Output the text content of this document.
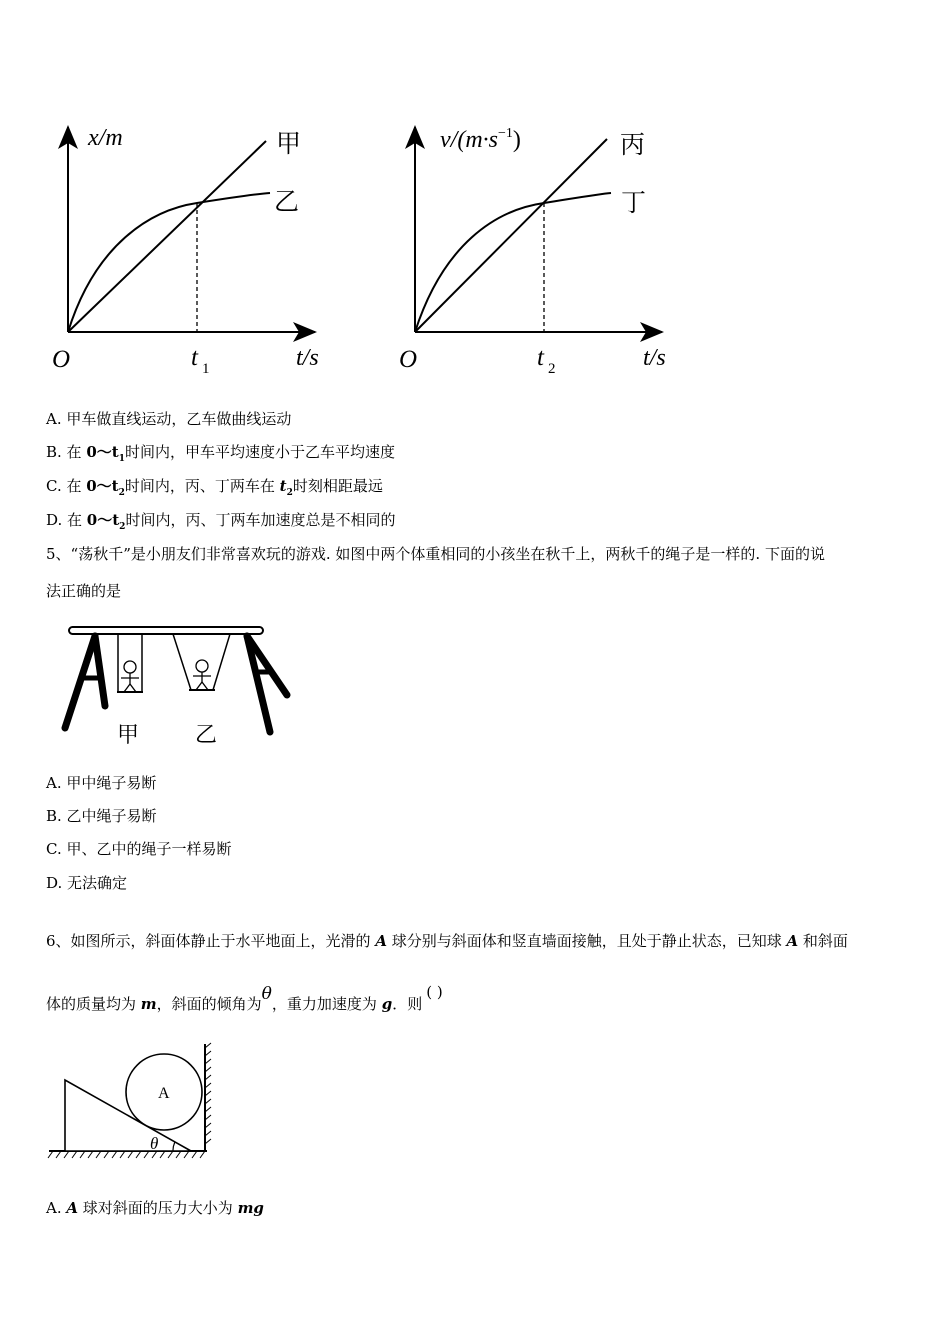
x/m	甲
乙
O	t 1	t/s
$v/(m\cdot s^{-1})$	丙
丁
O	t 2	t/s
A. 甲车做直线运动，乙车做曲线运动
B. 在 $0\sim t_1$时间内，甲车平均速度小于乙车平均速度
C. 在 $0\sim t_2$时间内，丙、丁两车在 $t_2$时刻相距最远
D. 在 $0\sim t_2$时间内，丙、丁两车加速度总是不相同的
5、“荡秋千”是小朋友们非常喜欢玩的游戏. 如图中两个体重相同的小孩坐在秋千上，两秋千的绳子是一样的. 下面的说
法正确的是
甲	乙
A. 甲中绳子易断
B. 乙中绳子易断
C. 甲、乙中的绳子一样易断
D. 无法确定
6、如图所示，斜面体静止于水平地面上，光滑的 A 球分别与斜面体和竖直墙面接触，且处于静止状态，已知球 A 和斜面
体的质量均为 m，斜面的倾角为θ，重力加速度为 g．则( )
A
θ
A. A 球对斜面的压力大小为 mg
